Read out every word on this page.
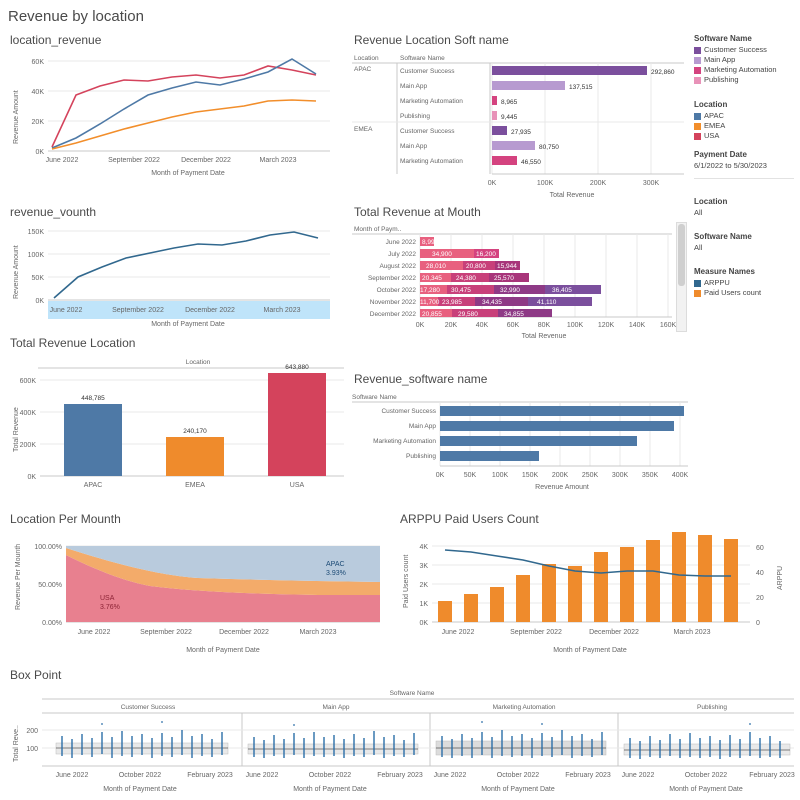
Revenue by location
location_revenue
0K
20K
40K
60K
June 2022	September 2022	December 2022	March 2023
Month of Payment Date
Revenue Amount
Revenue Location Soft name
Location	Software Name
APAC
EMEA
Customer Success	292,860
Main App	137,515
Marketing Automation	8,965
Publishing	9,445
Customer Success	27,935
Main App	80,750
Marketing Automation	46,550
0K	100K	200K	300K
Total Revenue
Software Name
Customer Success
Main App
Marketing Automation
Publishing
Location
APAC
EMEA
USA
Payment Date
6/1/2022 to 5/30/2023
Location
All
Software Name
All
Measure Names
ARPPU
Paid Users count
revenue_vounth
0K
50K
100K
150K
June 2022	September 2022	December 2022	March 2023
Month of Payment Date
Revenue Amount
Total Revenue at Mouth
Month of Paym..
June 2022 8,990
July 2022 34,900	16,200
August 2022 28,010	20,800 15,944
September 2022 20,345 24,380	25,570
October 2022 17,280 30,475	32,990	36,405
November 2022 11,700 23,985	34,435	41,110
December 2022 20,855 29,580	34,855
0K	20K	40K	60K	80K 100K 120K 140K 160K
Total Revenue
Total Revenue Location
Location
0K
200K
400K
600K
448,785
240,170
643,880
APAC	EMEA	USA
Total Revenue
Revenue_software name
Software Name
Customer Success
Main App
Marketing Automation
Publishing
0K	50K 100K 150K 200K 250K 300K 350K 400K
Revenue Amount
Location Per Mounth
0.00%
50.00%
100.00%
APAC
3.93%
USA
3.76%
June 2022	September 2022	December 2022	March 2023
Month of Payment Date
Revenue Per Mounth
ARPPU Paid Users Count
0K
1K
2K
3K
4K
0
20
40
60
June 2022	September 2022	December 2022	March 2023
Month of Payment Date
Paid Users count	ARPPU
Box Point
Software Name
Customer Success	Main App	Marketing Automation	Publishing
100
200
Total Reve..
June 2022	October 2022	February 2023
Month of Payment Date
June 2022	October 2022	February 2023
Month of Payment Date
June 2022	October 2022	February 2023
Month of Payment Date
June 2022	October 2022	February 2023
Month of Payment Date
